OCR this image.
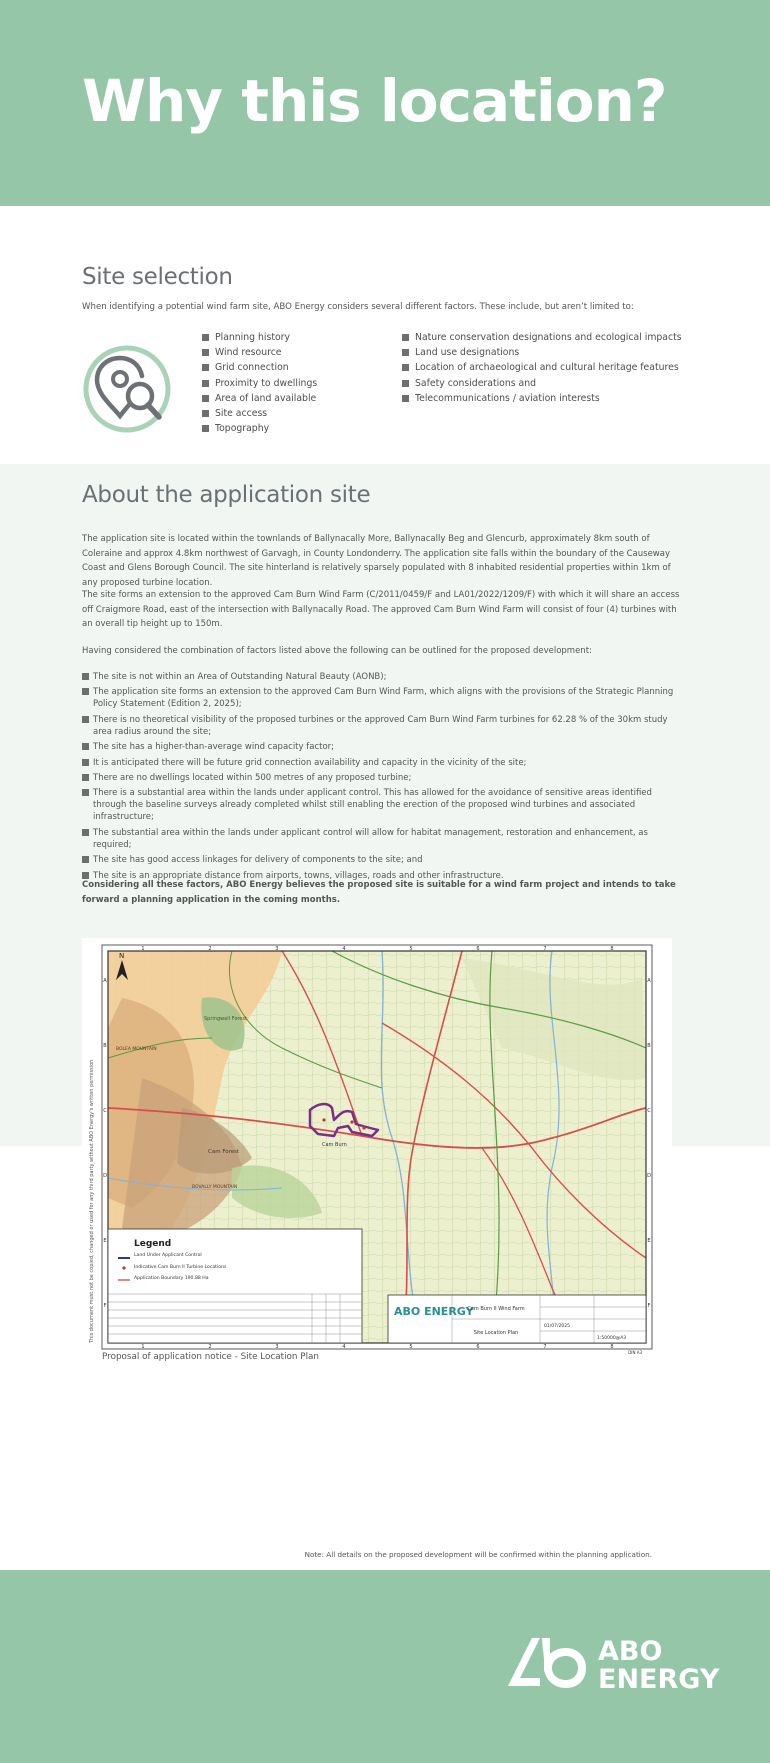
Why this location?
Site selection

When identifying a potential wind farm site, ABO Energy considers several different factors. These include, but aren’t limited to:

Planning history
Wind resource
Grid connection
Proximity to dwellings
Area of land available
Site access
Topography
Nature conservation designations and ecological impacts
Land use designations
Location of archaeological and cultural heritage features
Safety considerations and
Telecommunications / aviation interests
About the application site

The application site is located within the townlands of Ballynacally More, Ballynacally Beg and Glencurb, approximately 8km south of Coleraine and approx 4.8km northwest of Garvagh, in County Londonderry. The application site falls within the boundary of the Causeway Coast and Glens Borough Council. The site hinterland is relatively sparsely populated with 8 inhabited residential properties within 1km of any proposed turbine location.

The site forms an extension to the approved Cam Burn Wind Farm (C/2011/0459/F and LA01/2022/1209/F) with which it will share an access off Craigmore Road, east of the intersection with Ballynacally Road. The approved Cam Burn Wind Farm will consist of four (4) turbines with an overall tip height up to 150m.

Having considered the combination of factors listed above the following can be outlined for the proposed development:

The site is not within an Area of Outstanding Natural Beauty (AONB);
The application site forms an extension to the approved Cam Burn Wind Farm, which aligns with the provisions of the Strategic Planning Policy Statement (Edition 2, 2025);
There is no theoretical visibility of the proposed turbines or the approved Cam Burn Wind Farm turbines for 62.28 % of the 30km study area radius around the site;
The site has a higher-than-average wind capacity factor;
It is anticipated there will be future grid connection availability and capacity in the vicinity of the site;
There are no dwellings located within 500 metres of any proposed turbine;
There is a substantial area within the lands under applicant control. This has allowed for the avoidance of sensitive areas identified through the baseline surveys already completed whilst still enabling the erection of the proposed wind turbines and associated infrastructure;
The substantial area within the lands under applicant control will allow for habitat management, restoration and enhancement, as required;
The site has good access linkages for delivery of components to the site; and
The site is an appropriate distance from airports, towns, villages, roads and other infrastructure.

Considering all these factors, ABO Energy believes the proposed site is suitable for a wind farm project and intends to take forward a planning application in the coming months.

Springwell Forest
BOLEA MOUNTAIN
Cam Forest
Cam Burn
BOVALLY MOUNTAIN
N
1	2	3	4	5	6	7	8
1	2	3	4	5	6	7	8
A
B
C
D
E
F
A
B
C
D
E
F
This document must not be copied, changed or used for any third party without ABO Energy's written permission	Legend
Land Under Applicant Control
Indicative Cam Burn II Turbine Locations
Application Boundary 190.88 Ha
ABO ENERGY
Cam Burn II Wind Farm
Site Location Plan
01/07/2025
1:50000@A3
DIN A3

Proposal of application notice - Site Location Plan

Note: All details on the proposed development will be confirmed within the planning application.

ABO
ENERGY
